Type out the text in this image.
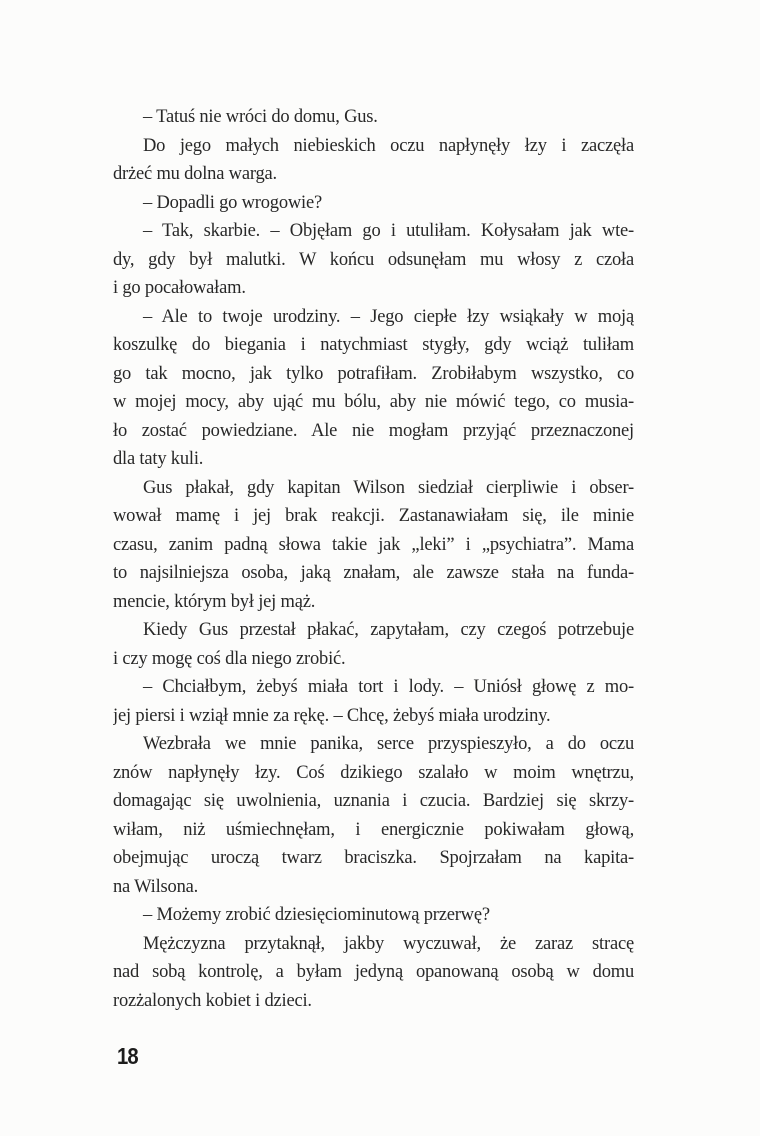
– Tatuś nie wróci do domu, Gus.
Do jego małych niebieskich oczu napłynęły łzy i zaczęła
drżeć mu dolna warga.
– Dopadli go wrogowie?
– Tak, skarbie. – Objęłam go i utuliłam. Kołysałam jak wte-
dy, gdy był malutki. W końcu odsunęłam mu włosy z czoła
i go pocałowałam.
– Ale to twoje urodziny. – Jego ciepłe łzy wsiąkały w moją
koszulkę do biegania i natychmiast stygły, gdy wciąż tuliłam
go tak mocno, jak tylko potrafiłam. Zrobiłabym wszystko, co
w mojej mocy, aby ująć mu bólu, aby nie mówić tego, co musia-
ło zostać powiedziane. Ale nie mogłam przyjąć przeznaczonej
dla taty kuli.
Gus płakał, gdy kapitan Wilson siedział cierpliwie i obser-
wował mamę i jej brak reakcji. Zastanawiałam się, ile minie
czasu, zanim padną słowa takie jak „leki” i „psychiatra”. Mama
to najsilniejsza osoba, jaką znałam, ale zawsze stała na funda-
mencie, którym był jej mąż.
Kiedy Gus przestał płakać, zapytałam, czy czegoś potrzebuje
i czy mogę coś dla niego zrobić.
– Chciałbym, żebyś miała tort i lody. – Uniósł głowę z mo-
jej piersi i wziął mnie za rękę. – Chcę, żebyś miała urodziny.
Wezbrała we mnie panika, serce przyspieszyło, a do oczu
znów napłynęły łzy. Coś dzikiego szalało w moim wnętrzu,
domagając się uwolnienia, uznania i czucia. Bardziej się skrzy-
wiłam, niż uśmiechnęłam, i energicznie pokiwałam głową,
obejmując uroczą twarz braciszka. Spojrzałam na kapita-
na Wilsona.
– Możemy zrobić dziesięciominutową przerwę?
Mężczyzna przytaknął, jakby wyczuwał, że zaraz stracę
nad sobą kontrolę, a byłam jedyną opanowaną osobą w domu
rozżalonych kobiet i dzieci.
18
